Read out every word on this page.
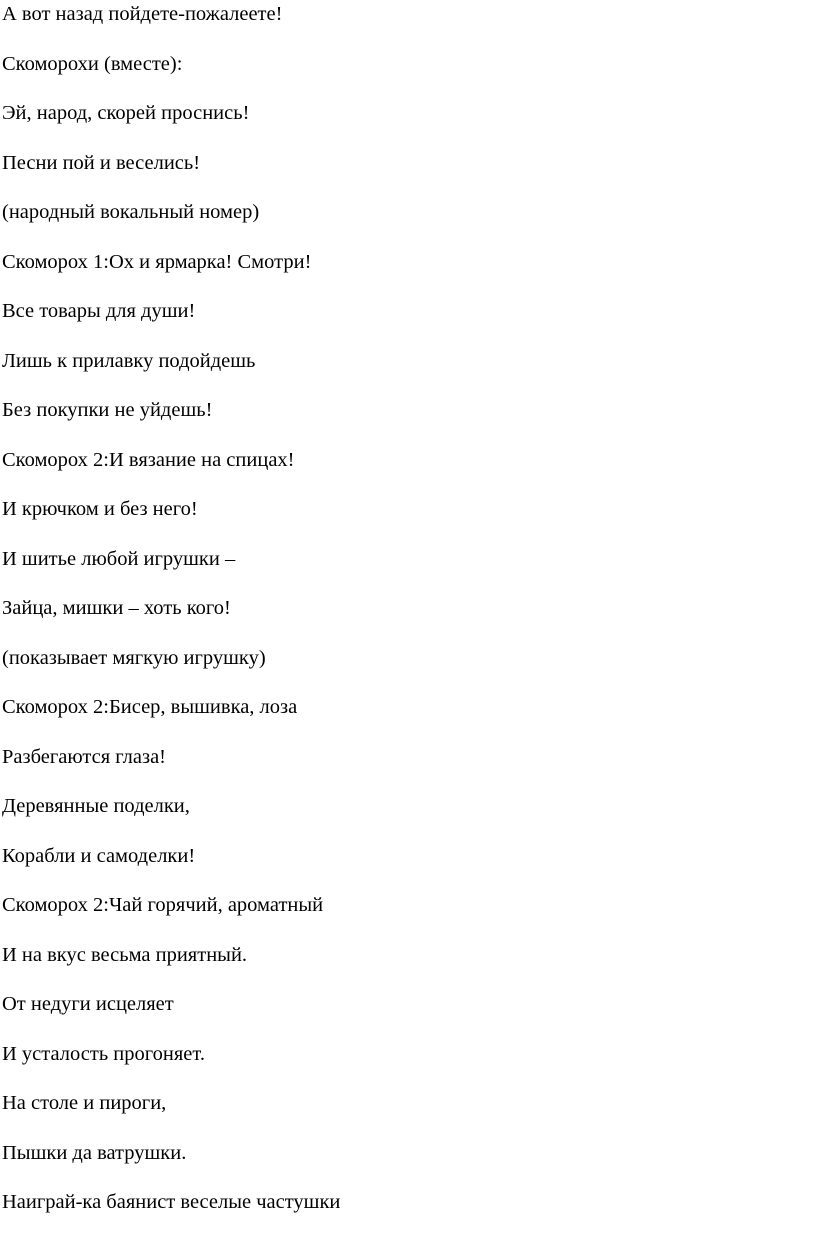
А вот назад пойдете-пожалеете!

Скоморохи (вместе):

Эй, народ, скорей проснись!

Песни пой и веселись!

(народный вокальный номер)

Скоморох 1:Ох и ярмарка! Смотри!

Все товары для души!

Лишь к прилавку подойдешь

Без покупки не уйдешь!

Скоморох 2:И вязание на спицах!

И крючком и без него!

И шитье любой игрушки –

Зайца, мишки – хоть кого!

(показывает мягкую игрушку)

Скоморох 2:Бисер, вышивка, лоза

Разбегаются глаза!

Деревянные поделки,

Корабли и самоделки!

Скоморох 2:Чай горячий, ароматный

И на вкус весьма приятный.

От недуги исцеляет

И усталость прогоняет.

На столе и пироги,

Пышки да ватрушки.

Наиграй-ка баянист веселые частушки
